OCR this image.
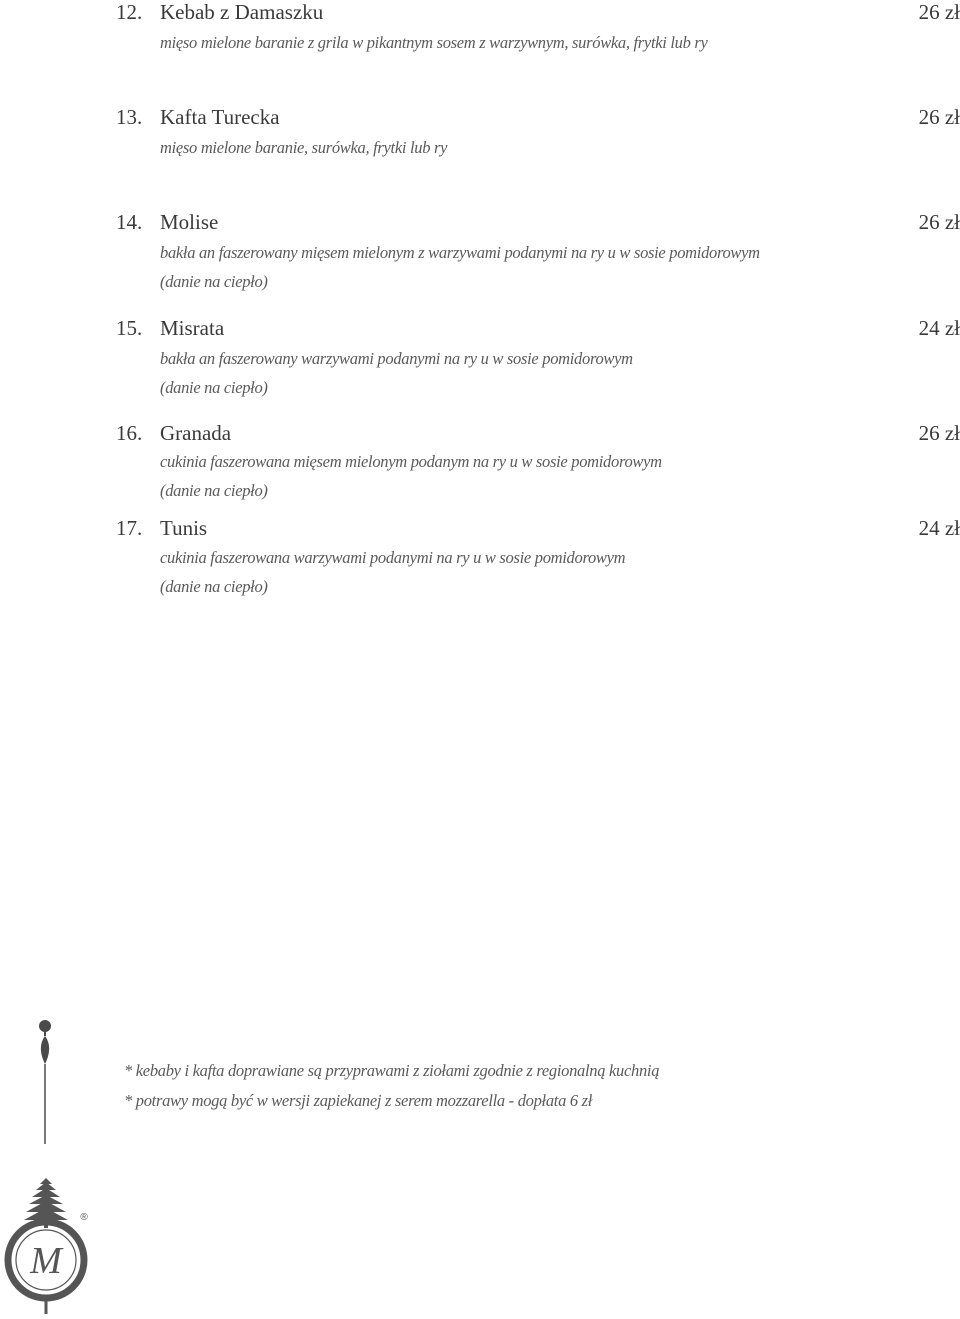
12. Kebab z Damaszku	26 zł
mięso mielone baranie z grila w pikantnym sosem z warzywnym, surówka, frytki lub ry
13. Kafta Turecka	26 zł
mięso mielone baranie, surówka, frytki lub ry
14. Molise	26 zł
bakła an faszerowany mięsem mielonym z warzywami podanymi na ry u w sosie pomidorowym
(danie na ciepło)
15. Misrata	24 zł
bakła an faszerowany warzywami podanymi na ry u w sosie pomidorowym
(danie na ciepło)
16. Granada	26 zł
cukinia faszerowana mięsem mielonym podanym na ry u w sosie pomidorowym
(danie na ciepło)
17. Tunis	24 zł
cukinia faszerowana warzywami podanymi na ry u w sosie pomidorowym
(danie na ciepło)
* kebaby i kafta doprawiane są przyprawami z ziołami zgodnie z regionalną kuchnią
* potrawy mogą być w wersji zapiekanej z serem mozzarella - dopłata 6 zł
M
®
